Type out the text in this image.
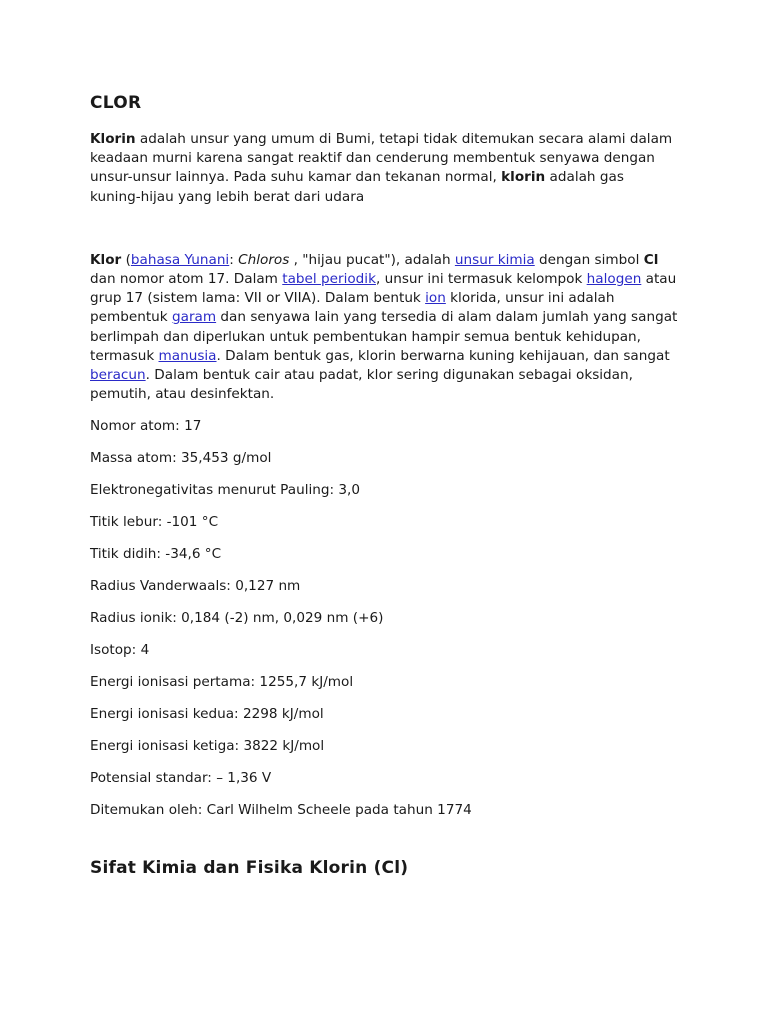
CLOR

Klorin adalah unsur yang umum di Bumi, tetapi tidak ditemukan secara alami dalam keadaan murni karena sangat reaktif dan cenderung membentuk senyawa dengan unsur-unsur lainnya. Pada suhu kamar dan tekanan normal, klorin adalah gas kuning-hijau yang lebih berat dari udara

Klor (bahasa Yunani: Chloros , "hijau pucat"), adalah unsur kimia dengan simbol Cl dan nomor atom 17. Dalam tabel periodik, unsur ini termasuk kelompok halogen atau grup 17 (sistem lama: VII or VIIA). Dalam bentuk ion klorida, unsur ini adalah pembentuk garam dan senyawa lain yang tersedia di alam dalam jumlah yang sangat berlimpah dan diperlukan untuk pembentukan hampir semua bentuk kehidupan, termasuk manusia. Dalam bentuk gas, klorin berwarna kuning kehijauan, dan sangat beracun. Dalam bentuk cair atau padat, klor sering digunakan sebagai oksidan, pemutih, atau desinfektan.

Nomor atom: 17

Massa atom: 35,453 g/mol

Elektronegativitas menurut Pauling: 3,0

Titik lebur: -101 °C

Titik didih: -34,6 °C

Radius Vanderwaals: 0,127 nm

Radius ionik: 0,184 (-2) nm, 0,029 nm (+6)

Isotop: 4

Energi ionisasi pertama: 1255,7 kJ/mol

Energi ionisasi kedua: 2298 kJ/mol

Energi ionisasi ketiga: 3822 kJ/mol

Potensial standar: – 1,36 V

Ditemukan oleh: Carl Wilhelm Scheele pada tahun 1774

Sifat Kimia dan Fisika Klorin (Cl)
